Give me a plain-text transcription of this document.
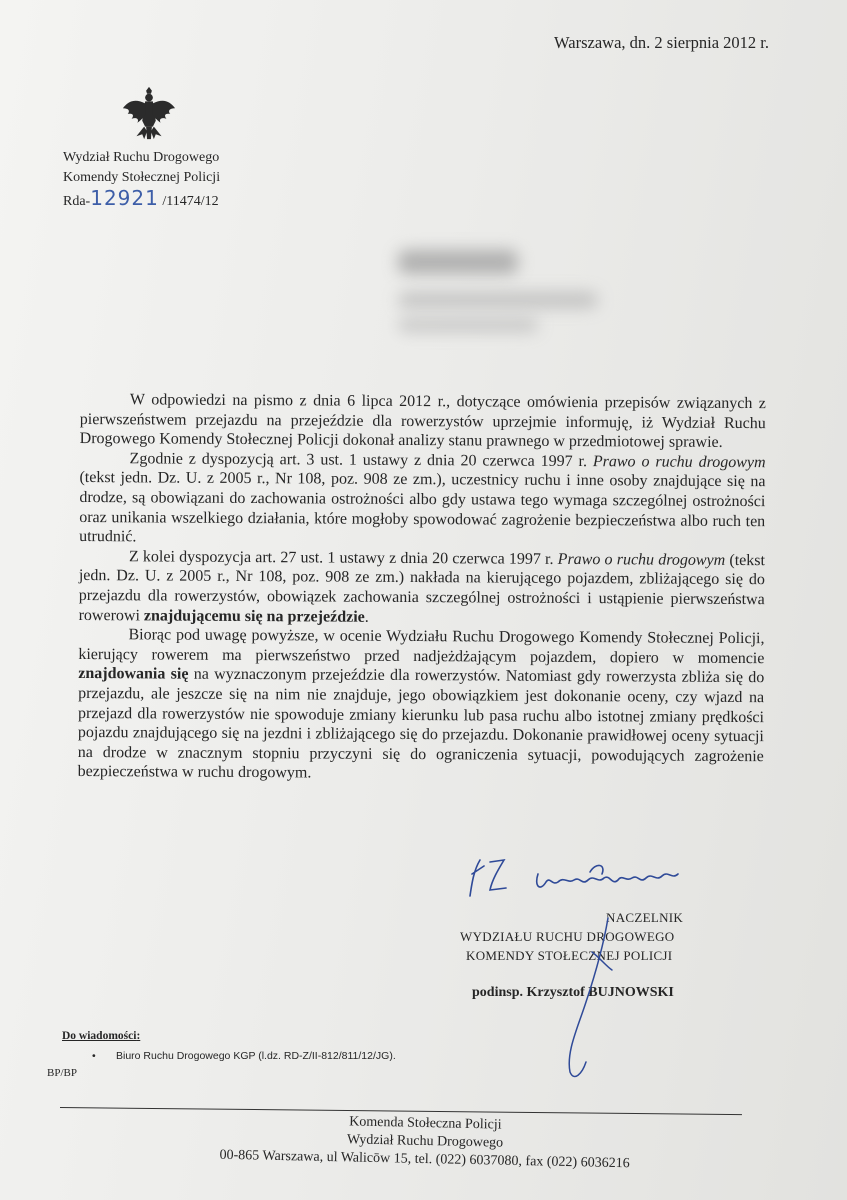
Warszawa, dn. 2 sierpnia 2012 r.
Wydział Ruchu Drogowego
Komendy Stołecznej Policji
Rda-12921 /11474/12

W odpowiedzi na pismo z dnia 6 lipca 2012 r., dotyczące omówienia przepisów związanych z pierwszeństwem przejazdu na przejeździe dla rowerzystów uprzejmie informuję, iż Wydział Ruchu Drogowego Komendy Stołecznej Policji dokonał analizy stanu prawnego w przedmiotowej sprawie.

Zgodnie z dyspozycją art. 3 ust. 1 ustawy z dnia 20 czerwca 1997 r. Prawo o ruchu drogowym (tekst jedn. Dz. U. z 2005 r., Nr 108, poz. 908 ze zm.), uczestnicy ruchu i inne osoby znajdujące się na drodze, są obowiązani do zachowania ostrożności albo gdy ustawa tego wymaga szczególnej ostrożności oraz unikania wszelkiego działania, które mogłoby spowodować zagrożenie bezpieczeństwa albo ruch ten utrudnić.

Z kolei dyspozycja art. 27 ust. 1 ustawy z dnia 20 czerwca 1997 r. Prawo o ruchu drogowym (tekst jedn. Dz. U. z 2005 r., Nr 108, poz. 908 ze zm.) nakłada na kierującego pojazdem, zbliżającego się do przejazdu dla rowerzystów, obowiązek zachowania szczególnej ostrożności i ustąpienie pierwszeństwa rowerowi znajdującemu się na przejeździe.

Biorąc pod uwagę powyższe, w ocenie Wydziału Ruchu Drogowego Komendy Stołecznej Policji, kierujący rowerem ma pierwszeństwo przed nadjeżdżającym pojazdem, dopiero w momencie znajdowania się na wyznaczonym przejeździe dla rowerzystów. Natomiast gdy rowerzysta zbliża się do przejazdu, ale jeszcze się na nim nie znajduje, jego obowiązkiem jest dokonanie oceny, czy wjazd na przejazd dla rowerzystów nie spowoduje zmiany kierunku lub pasa ruchu albo istotnej zmiany prędkości pojazdu znajdującego się na jezdni i zbliżającego się do przejazdu. Dokonanie prawidłowej oceny sytuacji na drodze w znacznym stopniu przyczyni się do ograniczenia sytuacji, powodujących zagrożenie bezpieczeństwa w ruchu drogowym.

NACZELNIK
WYDZIAŁU RUCHU DROGOWEGO
KOMENDY STOŁECZNEJ POLICJI
podinsp. Krzysztof BUJNOWSKI
Do wiadomości:
• Biuro Ruchu Drogowego KGP (l.dz. RD-Z/II-812/811/12/JG).
BP/BP
Komenda Stołeczna Policji
Wydział Ruchu Drogowego
00-865 Warszawa, ul Walicōw 15, tel. (022) 6037080, fax (022) 6036216
